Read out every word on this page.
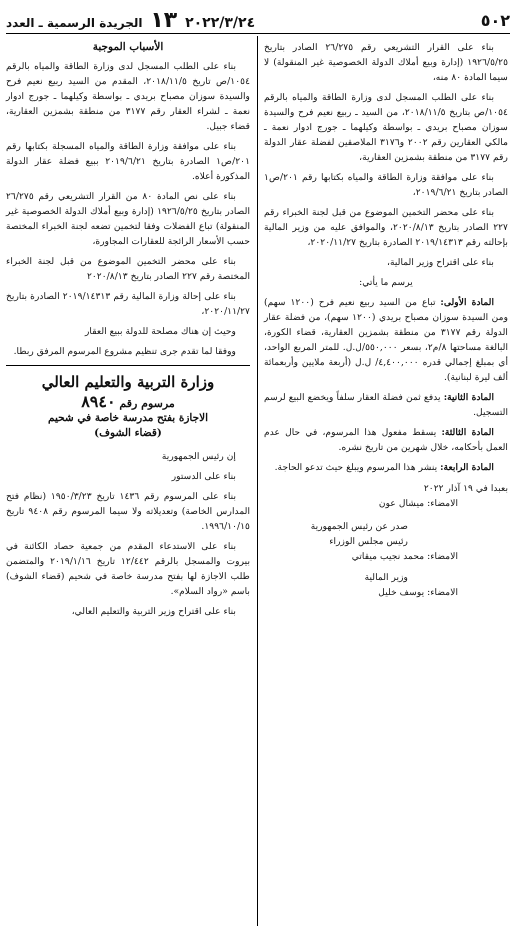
٥٠٢
٢٠٢٢/٣/٢٤ ١٣ الجريدة الرسمية ـ العدد

بناء على القرار التشريعي رقم ٢٦/٢٧٥ الصادر بتاريخ ١٩٢٦/٥/٢٥ (إدارة وبيع أملاك الدولة الخصوصية غير المنقولة) لا سيما المادة ٨٠ منه،

بناء على الطلب المسجل لدى وزارة الطاقة والمياه بالرقم ١٠٥٤/ص بتاريخ ٢٠١٨/١١/٥، من السيد ـ ربيع نعيم فرح والسيدة سوزان مصباح بريدي ـ بواسطة وكيلهما ـ جورج ادوار نعمة ـ مالكي العقارين رقم ٢٠٠٢ و٣١٧٦ الملاصقين لفضلة عقار الدولة رقم ٣١٧٧ من منطقة بشمزين العقارية،

بناء على موافقة وزارة الطاقة والمياه بكتابها رقم ٢٠١/ص١ الصادر بتاريخ ٢٠١٩/٦/٢١،

بناء على محضر التخمين الموضوع من قبل لجنة الخبراء رقم ٢٢٧ الصادر بتاريخ ٢٠٢٠/٨/١٣، والموافق عليه من وزير المالية بإحالته رقم ٢٠١٩/١٤٣١٣ الصادرة بتاريخ ٢٠٢٠/١١/٢٧،

بناء على اقتراح وزير المالية،

يرسم ما يأتي:

المادة الأولى: تباع من السيد ربيع نعيم فرح (١٢٠٠ سهم) ومن السيدة سوزان مصباح بريدي (١٢٠٠ سهم)، من فضلة عقار الدولة رقم ٣١٧٧ من منطقة بشمزين العقارية، قضاء الكورة، البالغة مساحتها ٨/م٢، بسعر ٥٥٠,٠٠٠/ل.ل. للمتر المربع الواحد، أي بمبلغ إجمالي قدره ٤,٤٠٠,٠٠٠/ ل.ل (أربعة ملايين وأربعمائة ألف ليرة لبنانية).

المادة الثانية: يدفع ثمن فضلة العقار سلفاً ويخضع البيع لرسم التسجيل.

المادة الثالثة: يسقط مفعول هذا المرسوم، في حال عدم العمل بأحكامه، خلال شهرين من تاريخ نشره.

المادة الرابعة: ينشر هذا المرسوم ويبلغ حيث تدعو الحاجة.

بعبدا في ١٩ آذار ٢٠٢٢

الامضاء: ميشال عون

صدر عن رئيس الجمهورية

رئيس مجلس الوزراء

الامضاء: محمد نجيب ميقاتي

وزير المالية

الامضاء: يوسف خليل

الأسباب الموجبة

بناء على الطلب المسجل لدى وزارة الطاقة والمياه بالرقم ١٠٥٤/ص تاريخ ٢٠١٨/١١/٥، المقدم من السيد ربيع نعيم فرح والسيدة سوزان مصباح بريدي ـ بواسطة وكيلهما ـ جورج ادوار نعمة ـ لشراء العقار رقم ٣١٧٧ من منطقة بشمزين العقارية، قضاء جبيل.

بناء على موافقة وزارة الطاقة والمياه المسجلة بكتابها رقم ٢٠١/ص١ الصادرة بتاريخ ٢٠١٩/٦/٢١ ببيع فضلة عقار الدولة المذكورة أعلاه.

بناء على نص المادة ٨٠ من القرار التشريعي رقم ٢٦/٢٧٥ الصادر بتاريخ ١٩٢٦/٥/٢٥ (إدارة وبيع أملاك الدولة الخصوصية غير المنقولة) تباع الفضلات وفقا لتخمين تضعه لجنة الخبراء المختصة حسب الأسعار الرائجة للعقارات المجاورة،

بناء على محضر التخمين الموضوع من قبل لجنة الخبراء المختصة رقم ٢٢٧ الصادر بتاريخ ٢٠٢٠/٨/١٣

بناء على إحالة وزارة المالية رقم ٢٠١٩/١٤٣١٣ الصادرة بتاريخ ٢٠٢٠/١١/٢٧،

وحيث إن هناك مصلحة للدولة ببيع العقار

ووفقا لما تقدم جرى تنظيم مشروع المرسوم المرفق ربطا.

وزارة التربية والتعليم العالي
مرسوم رقم ٨٩٤٠
الاجازة بفتح مدرسة خاصة في شحيم
(قضاء الشوف)

إن رئيس الجمهورية

بناء على الدستور

بناء على المرسوم رقم ١٤٣٦ تاريخ ١٩٥٠/٣/٢٣ (نظام فتح المدارس الخاصة) وتعديلاته ولا سيما المرسوم رقم ٩٤٠٨ تاريخ ١٩٩٦/١٠/١٥.

بناء على الاستدعاء المقدم من جمعية حصاد الكائنة في بيروت والمسجل بالرقم ١٢/٤٤٢ تاريخ ٢٠١٩/١/١٦ والمتضمن طلب الاجازة لها بفتح مدرسة خاصة في شحيم (قضاء الشوف) باسم «رواد السلام».

بناء على اقتراح وزير التربية والتعليم العالي،
